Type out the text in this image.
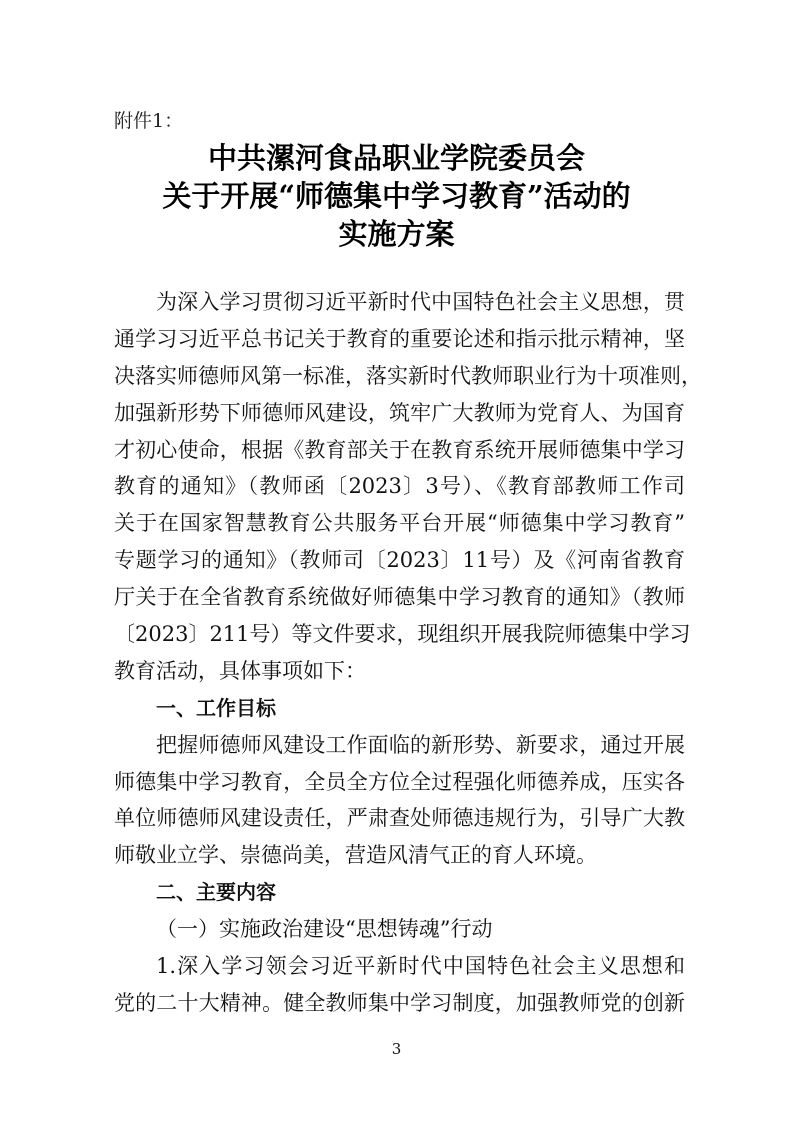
附件1：
中共漯河食品职业学院委员会
关于开展“师德集中学习教育”活动的
实施方案
为深入学习贯彻习近平新时代中国特色社会主义思想，贯
通学习习近平总书记关于教育的重要论述和指示批示精神，坚
决落实师德师风第一标准，落实新时代教师职业行为十项准则，
加强新形势下师德师风建设，筑牢广大教师为党育人、为国育
才初心使命，根据《教育部关于在教育系统开展师德集中学习
教育的通知》（教师函〔2023〕3号）、《教育部教师工作司
关于在国家智慧教育公共服务平台开展“师德集中学习教育”
专题学习的通知》（教师司〔2023〕11号）及《河南省教育
厅关于在全省教育系统做好师德集中学习教育的通知》（教师
〔2023〕211号）等文件要求，现组织开展我院师德集中学习
教育活动，具体事项如下：
一、工作目标
把握师德师风建设工作面临的新形势、新要求，通过开展
师德集中学习教育，全员全方位全过程强化师德养成，压实各
单位师德师风建设责任，严肃查处师德违规行为，引导广大教
师敬业立学、崇德尚美，营造风清气正的育人环境。
二、主要内容
（一）实施政治建设“思想铸魂”行动
1.深入学习领会习近平新时代中国特色社会主义思想和
党的二十大精神。健全教师集中学习制度，加强教师党的创新
3
